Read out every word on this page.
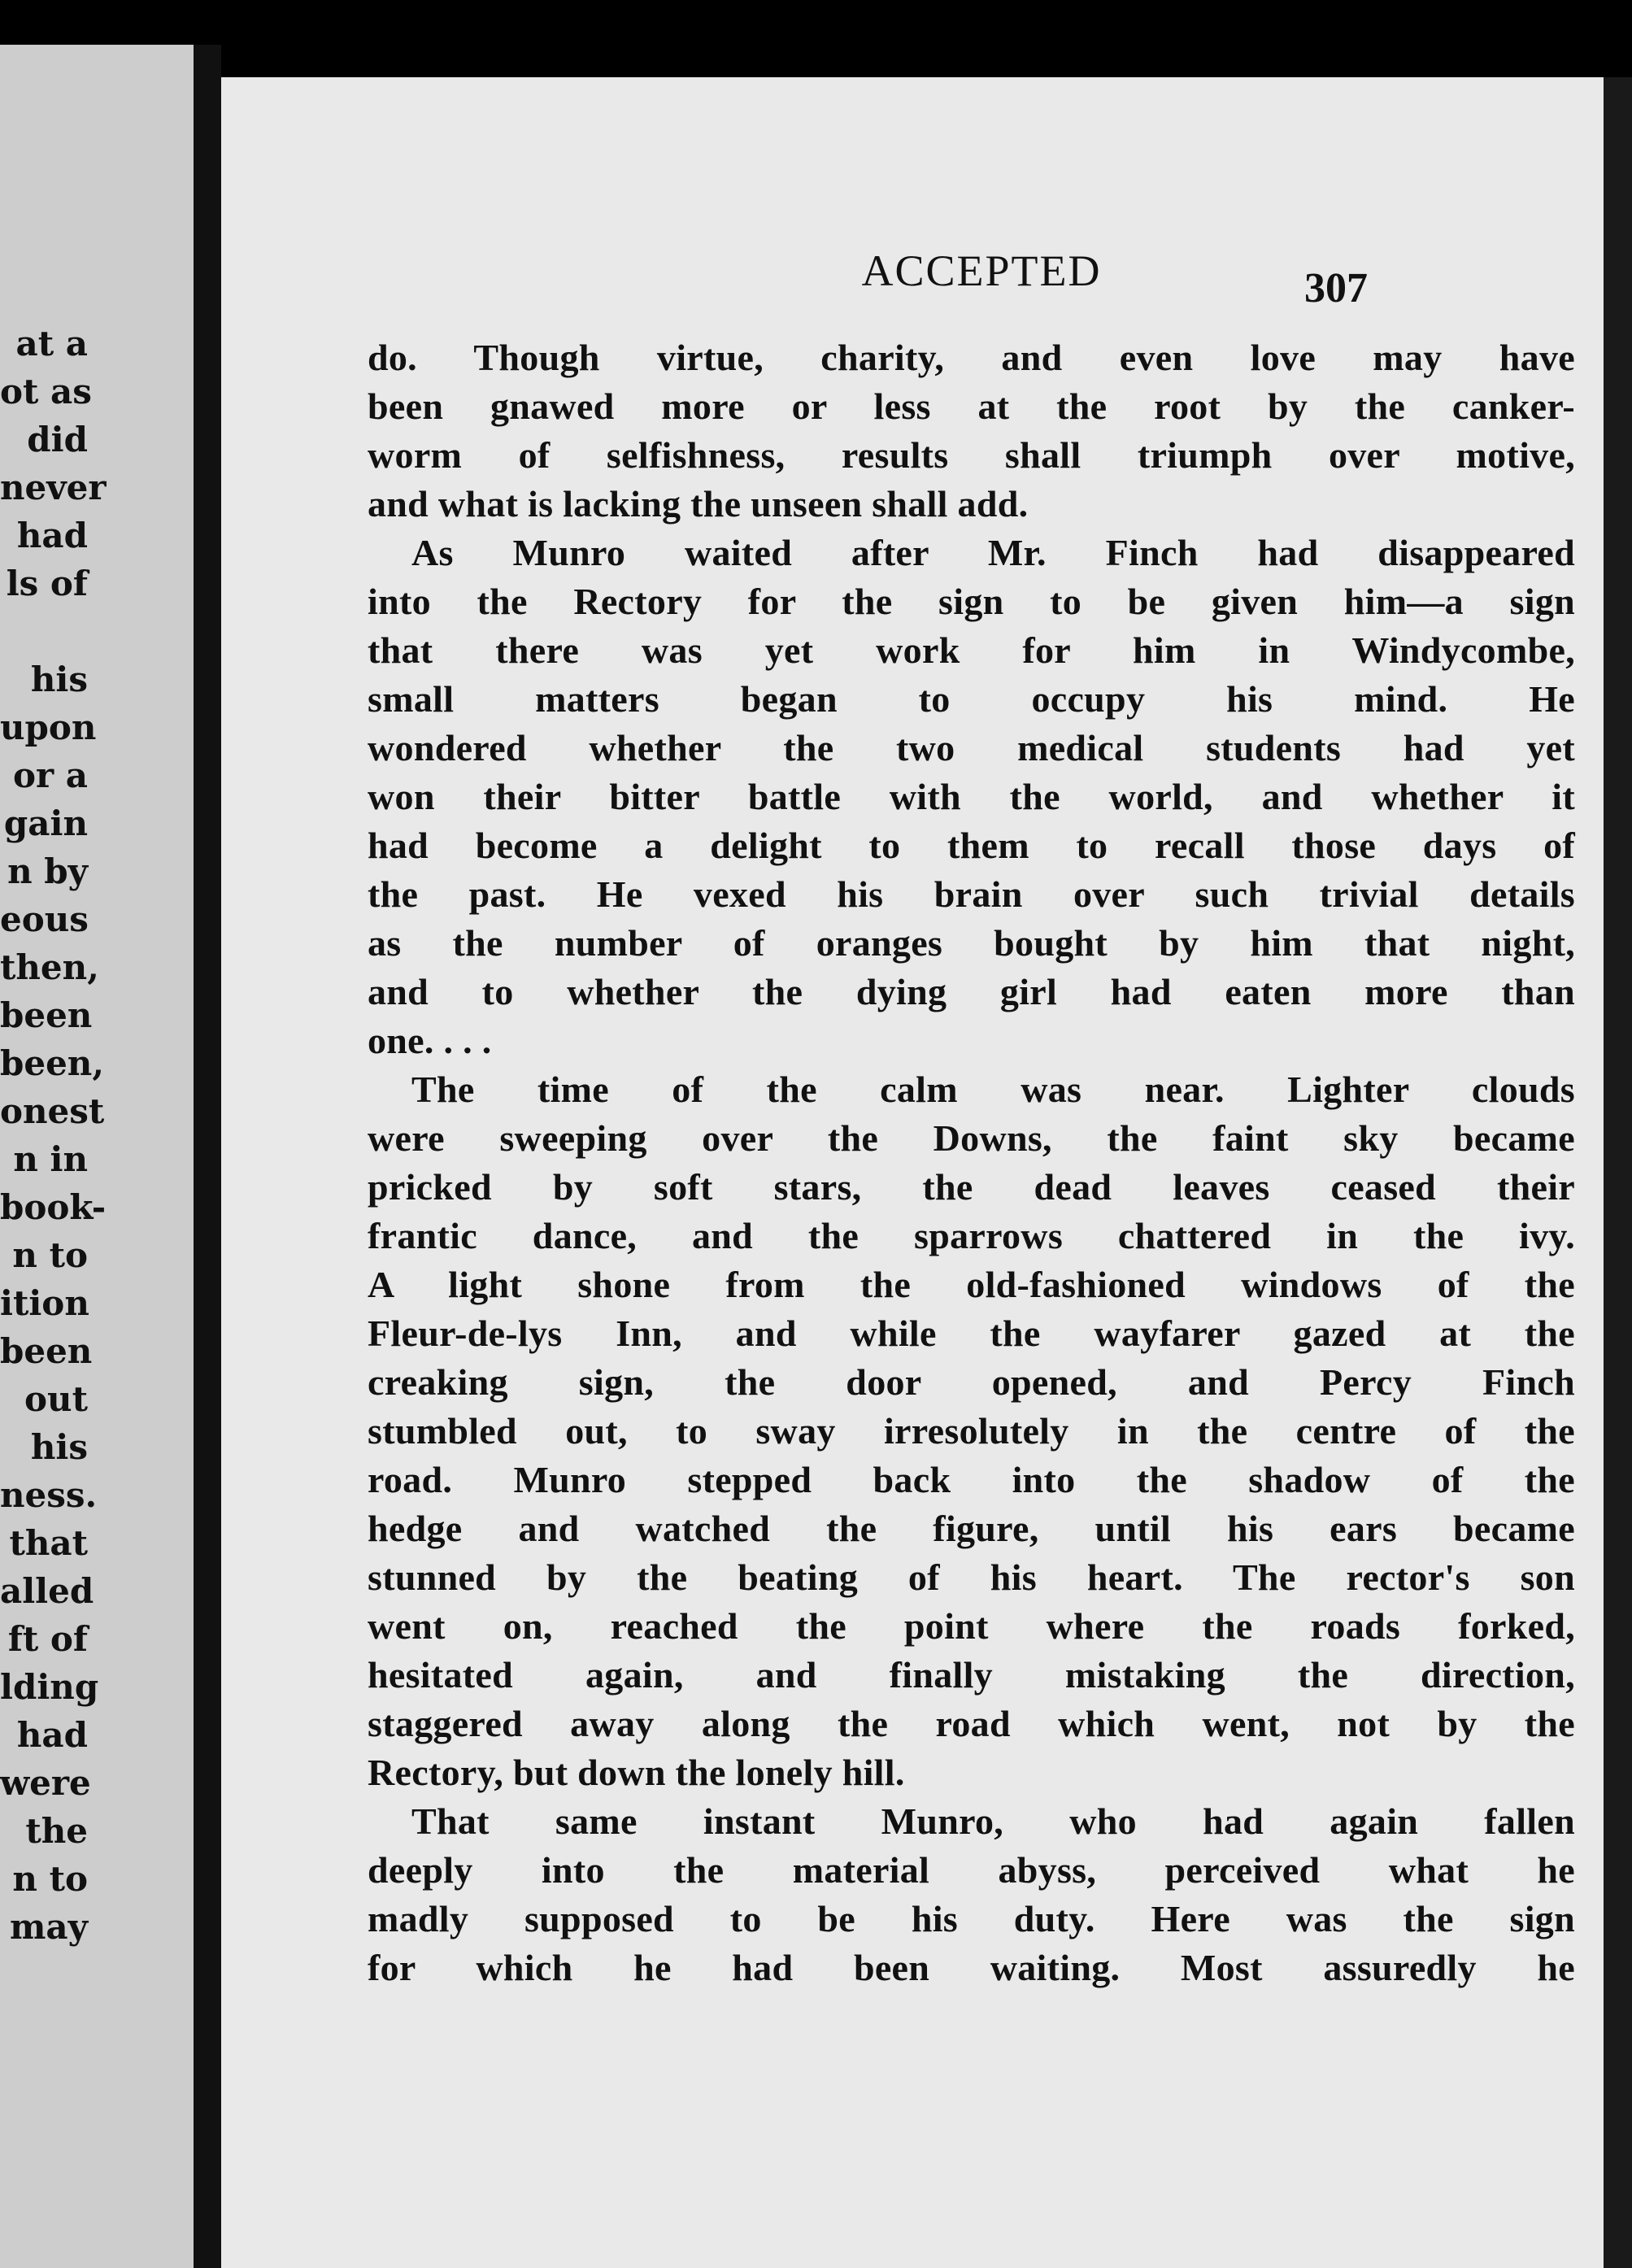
at a
ot as
did
never
had
ls of
his
upon
or a
gain
n by
eous
then,
been
been,
onest
n in
book-
n to
ition
been
out
his
ness.
that
alled
ft of
lding
had
were
the
n to
may
ACCEPTED	307
do. Though virtue, charity, and even love may have
been gnawed more or less at the root by the canker-
worm of selfishness, results shall triumph over motive,
and what is lacking the unseen shall add.
As Munro waited after Mr. Finch had disappeared
into the Rectory for the sign to be given him—a sign
that there was yet work for him in Windycombe,
small matters began to occupy his mind. He
wondered whether the two medical students had yet
won their bitter battle with the world, and whether it
had become a delight to them to recall those days of
the past. He vexed his brain over such trivial details
as the number of oranges bought by him that night,
and to whether the dying girl had eaten more than
one. . . .
The time of the calm was near. Lighter clouds
were sweeping over the Downs, the faint sky became
pricked by soft stars, the dead leaves ceased their
frantic dance, and the sparrows chattered in the ivy.
A light shone from the old-fashioned windows of the
Fleur-de-lys Inn, and while the wayfarer gazed at the
creaking sign, the door opened, and Percy Finch
stumbled out, to sway irresolutely in the centre of the
road. Munro stepped back into the shadow of the
hedge and watched the figure, until his ears became
stunned by the beating of his heart. The rector's son
went on, reached the point where the roads forked,
hesitated again, and finally mistaking the direction,
staggered away along the road which went, not by the
Rectory, but down the lonely hill.
That same instant Munro, who had again fallen
deeply into the material abyss, perceived what he
madly supposed to be his duty. Here was the sign
for which he had been waiting. Most assuredly he
